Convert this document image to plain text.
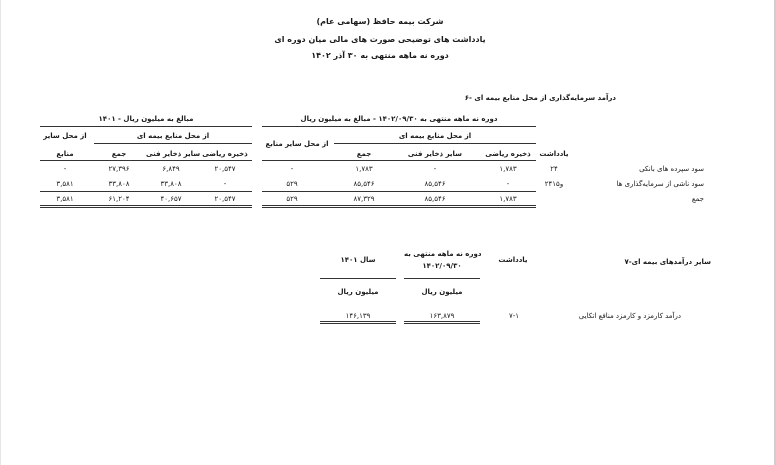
شرکت بیمه حافظ (سهامی عام)
یادداشت های توضیحی صورت های مالی میان دوره ای
دوره نه ماهه منتهی به ۳۰ آذر ۱۴۰۲
۶- درآمد سرمایه‌گذاری از محل منابع بیمه ای
دوره نه ماهه منتهی به ۱۴۰۲/۰۹/۳۰ - مبالغ به میلیون ریال
۱۴۰۱ - مبالغ به میلیون ریال
از محل منابع بیمه ای
از محل سایر منابع
یادداشت
ذخیره ریاضی
سایر ذخایر فنی
جمع
از محل منابع بیمه ای
از محل سایر
منابع	ذخیره ریاضی
سایر ذخایر فنی
جمع
سود سپرده های بانکی
۲۴
۱,۷۸۳
-
۱,۷۸۳
-
۲۰,۵۴۷
۶,۸۴۹
۲۷,۳۹۶
-
سود ناشی از سرمایه‌گذاری ها
۲۴و۱۵
-
۸۵,۵۴۶
۸۵,۵۴۶
۵۲۹
-
۳۳,۸۰۸
۳۳,۸۰۸
۳,۵۸۱
جمع
۱,۷۸۳
۸۵,۵۴۶
۸۷,۳۲۹
۵۲۹
۲۰,۵۴۷
۴۰,۶۵۷
۶۱,۲۰۴
۳,۵۸۱
۷-سایر درآمدهای بیمه ای
یادداشت
دوره نه ماهه منتهی به
۱۴۰۲/۰۹/۳۰
سال ۱۴۰۱
میلیون ریال
میلیون ریال
درآمد کارمزد و کارمزد منافع اتکایی
۷-۱
۱۶۳,۸۷۹
۱۴۶,۱۳۹
